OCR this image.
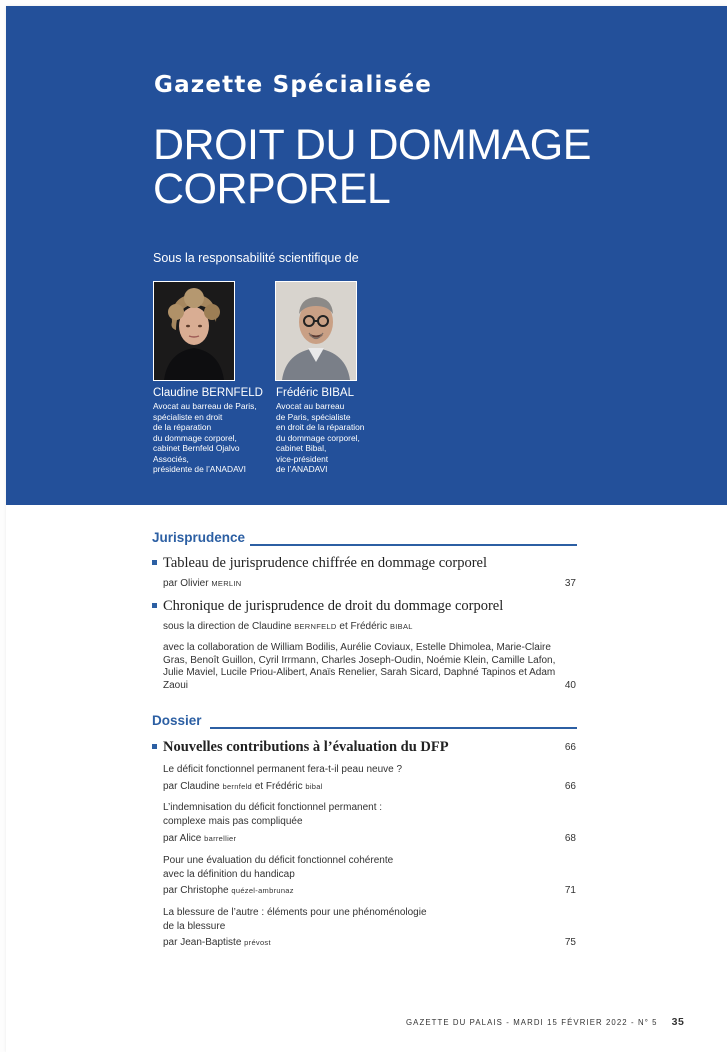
Gazette Spécialisée
DROIT DU DOMMAGE
CORPOREL
Sous la responsabilité scientifique de
Claudine BERNFELD
Avocat au barreau de Paris,
spécialiste en droit
de la réparation
du dommage corporel,
cabinet Bernfeld Ojalvo
Associés,
présidente de l’ANADAVI
Frédéric BIBAL
Avocat au barreau
de Paris, spécialiste
en droit de la réparation
du dommage corporel,
cabinet Bibal,
vice-président
de l’ANADAVI
Jurisprudence
Tableau de jurisprudence chiffrée en dommage corporel
par Olivier MERLIN	37
Chronique de jurisprudence de droit du dommage corporel
sous la direction de Claudine BERNFELD et Frédéric BIBAL
avec la collaboration de William Bodilis, Aurélie Coviaux, Estelle Dhimolea, Marie-Claire Gras, Benoît Guillon, Cyril Irrmann, Charles Joseph-Oudin, Noémie Klein, Camille Lafon, Julie Maviel, Lucile Priou-Alibert, Anaïs Renelier, Sarah Sicard, Daphné Tapinos et Adam Zaoui	40
Dossier
Nouvelles contributions à l’évaluation du DFP	66
Le déficit fonctionnel permanent fera-t-il peau neuve ?
par Claudine bernfeld et Frédéric bibal	66
L’indemnisation du déficit fonctionnel permanent :
complexe mais pas compliquée
par Alice barrellier	68
Pour une évaluation du déficit fonctionnel cohérente
avec la définition du handicap
par Christophe quézel-ambrunaz	71
La blessure de l’autre : éléments pour une phénoménologie
de la blessure
par Jean-Baptiste prévost	75
GAZETTE DU PALAIS - MARDI 15 FÉVRIER 2022 - N° 5 35
